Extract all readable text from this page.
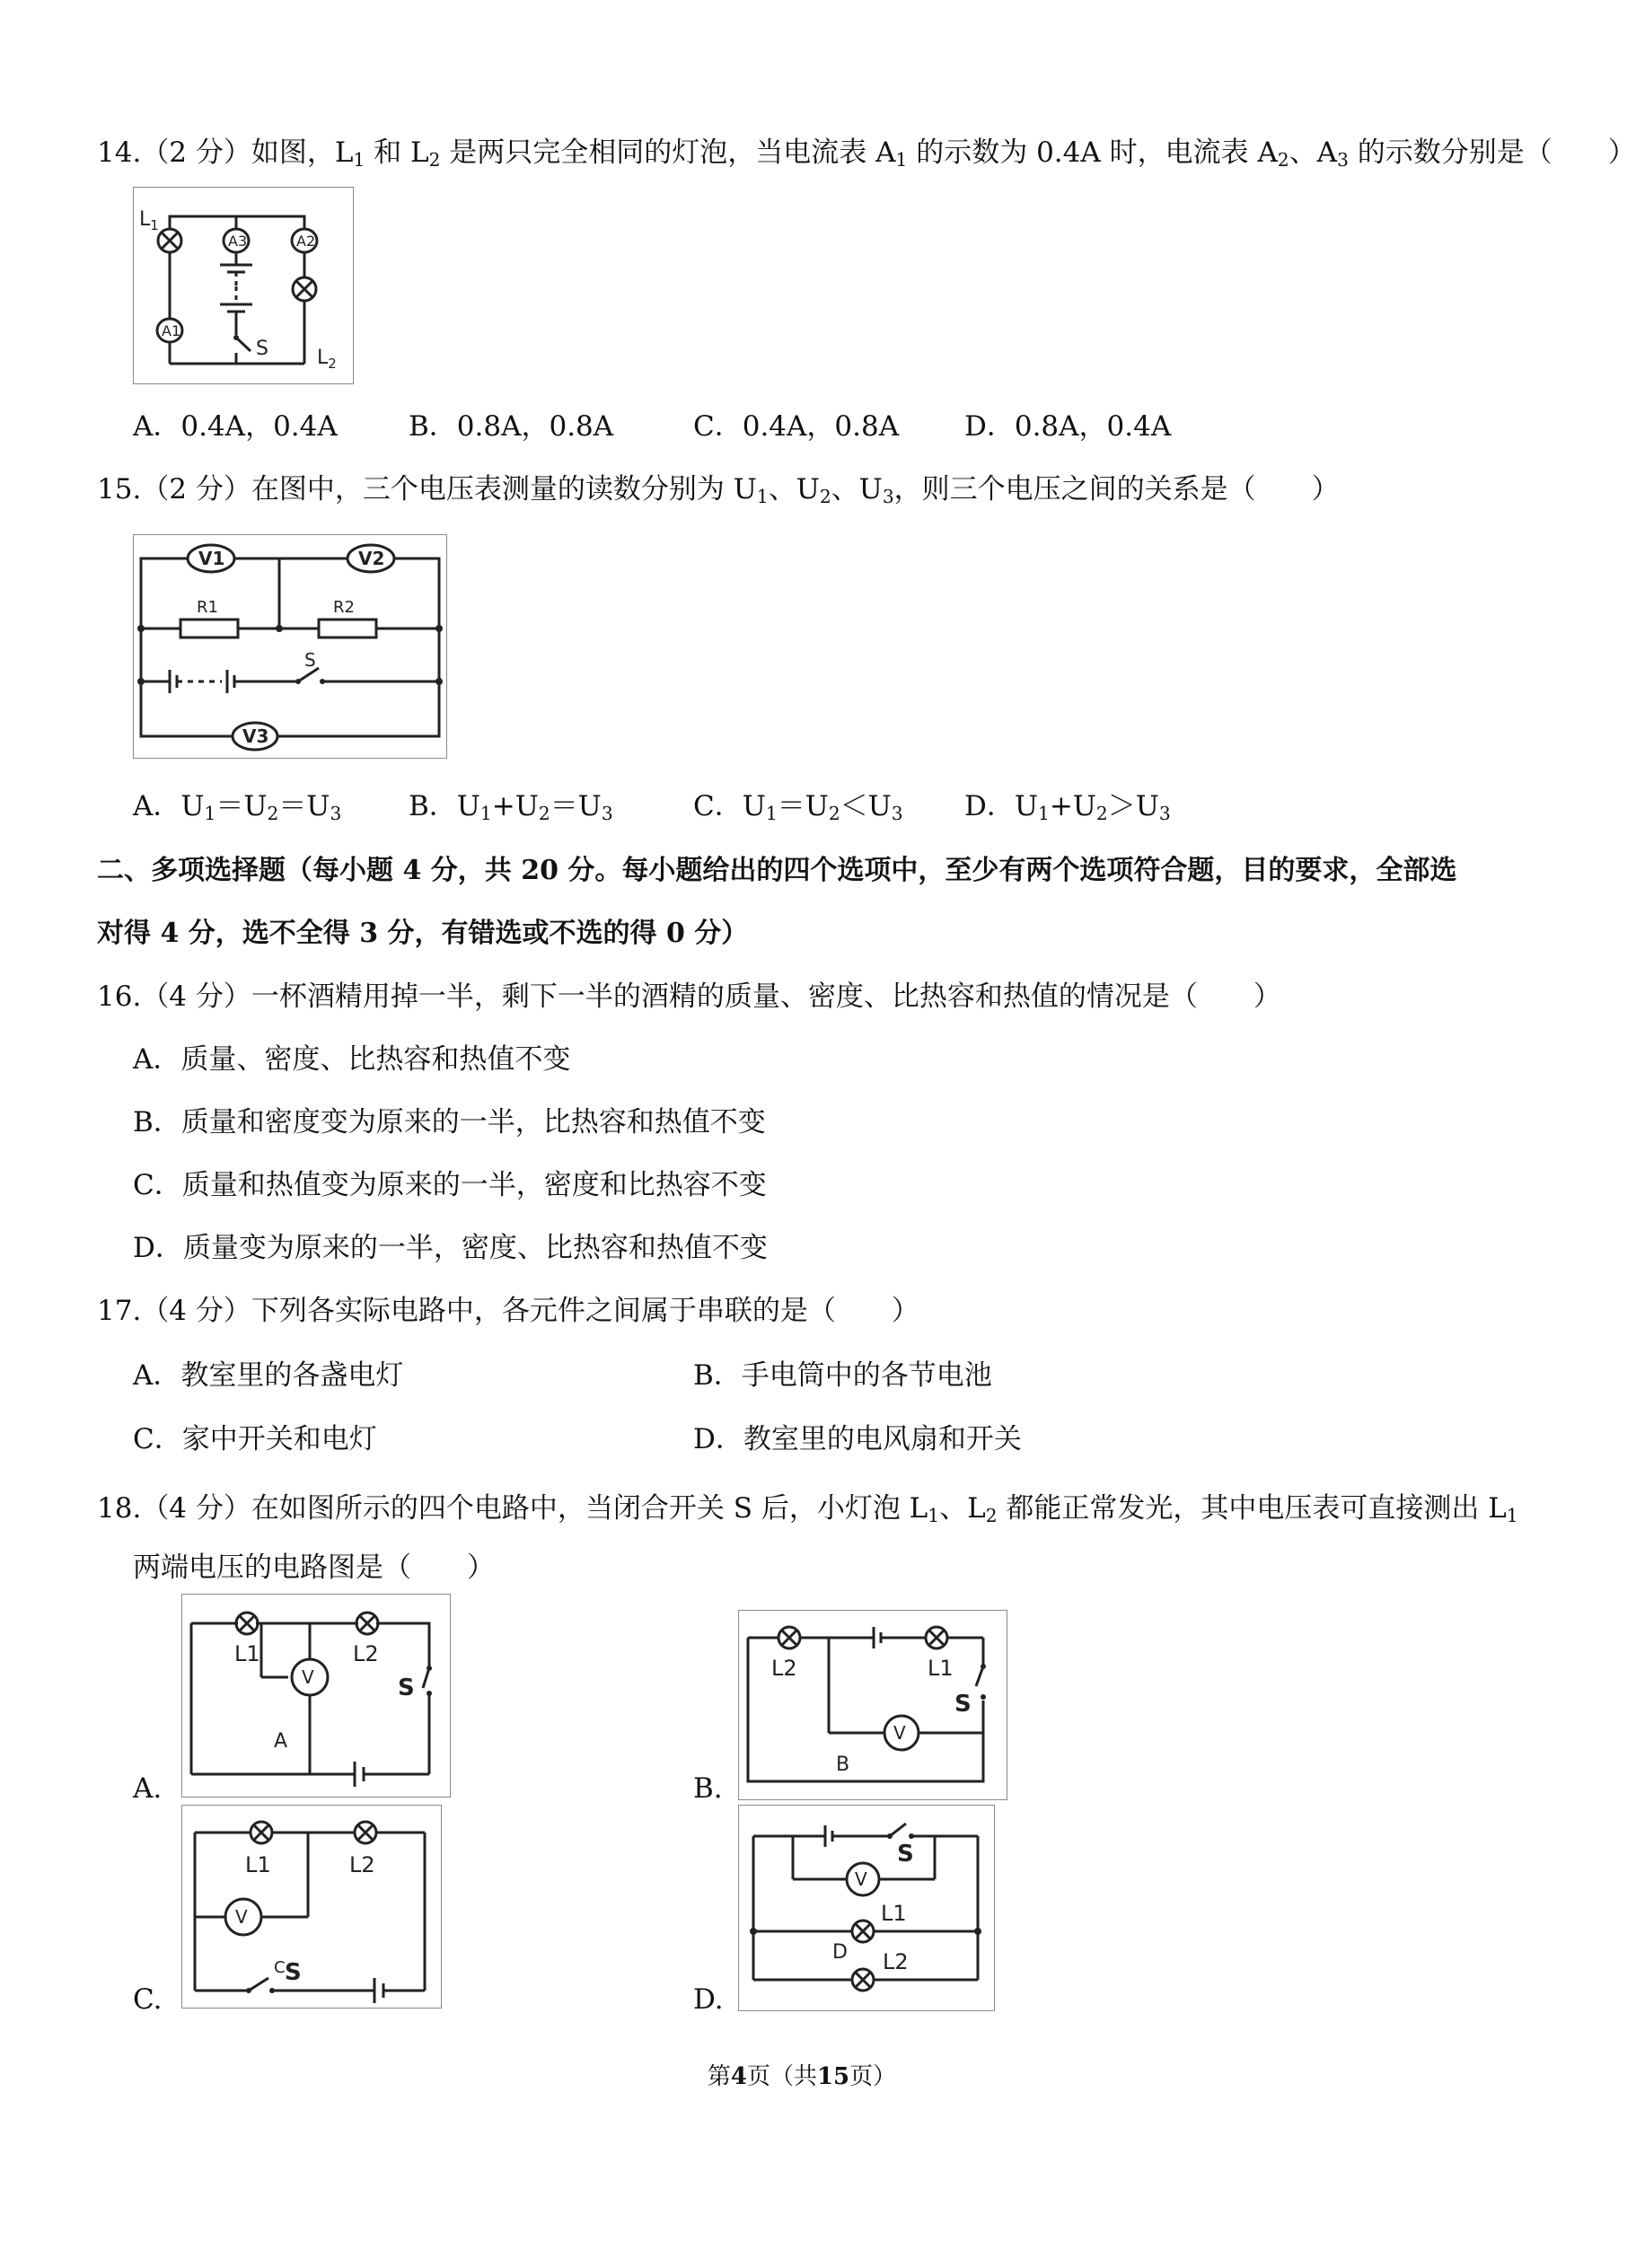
14.（2 分）如图，$L_1$ 和 $L_2$ 是两只完全相同的灯泡，当电流表 $A_1$ 的示数为 0.4A 时，电流表 $A_2$、$A_3$ 的示数分别是（　　）
A1
A3	A2
$L_1$
$L_2$
S
A．0.4A，0.4A	B．0.8A，0.8A	C．0.4A，0.8A D．0.8A，0.4A
15.（2 分）在图中，三个电压表测量的读数分别为 $U_1$、$U_2$、$U_3$，则三个电压之间的关系是（　　）
V1	V2
V3
R1	R2
S
A．$U_1=U_2=U_3$ B．$U_1+U_2=U_3$	C．$U_1=U_2<U_3$ D．$U_1+U_2>U_3$
二、多项选择题（每小题 4 分，共 20 分。每小题给出的四个选项中，至少有两个选项符合题，目的要求，全部选
对得 4 分，选不全得 3 分，有错选或不选的得 0 分）
16.（4 分）一杯酒精用掉一半，剩下一半的酒精的质量、密度、比热容和热值的情况是（　　）
A．质量、密度、比热容和热值不变
B．质量和密度变为原来的一半，比热容和热值不变
C．质量和热值变为原来的一半，密度和比热容不变
D．质量变为原来的一半，密度、比热容和热值不变
17.（4 分）下列各实际电路中，各元件之间属于串联的是（　　）
A．教室里的各盏电灯	B．手电筒中的各节电池
C．家中开关和电灯	D．教室里的电风扇和开关
18.（4 分）在如图所示的四个电路中，当闭合开关 S 后，小灯泡 $L_1$、$L_2$ 都能正常发光，其中电压表可直接测出 $L_1$
两端电压的电路图是（　　）
V
L1	L2
S
A
A.
V
L2	L1
S
B
B.
V
L1	L2
C S
C.
V
S
L1
L2
D
D.
第4页（共15页）
